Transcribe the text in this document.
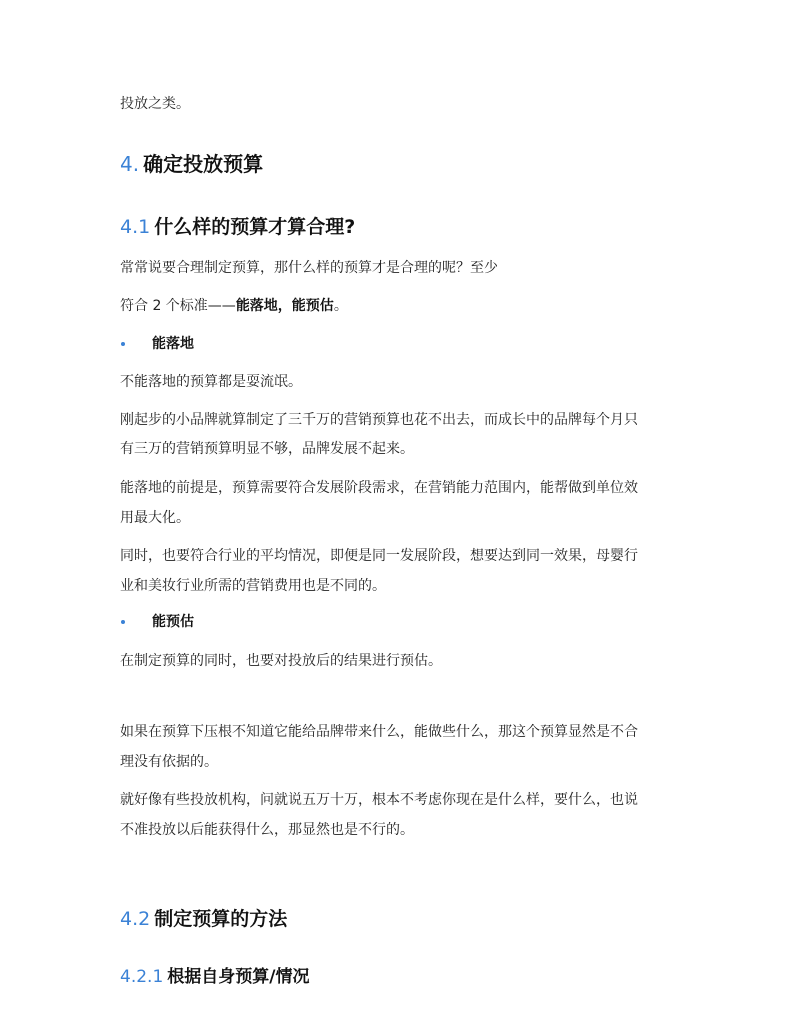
投放之类。
4. 确定投放预算
4.1 什么样的预算才算合理?
常常说要合理制定预算，那什么样的预算才是合理的呢？至少
符合 2 个标准——能落地，能预估。
能落地
不能落地的预算都是耍流氓。
刚起步的小品牌就算制定了三千万的营销预算也花不出去，而成长中的品牌每个月只
有三万的营销预算明显不够，品牌发展不起来。
能落地的前提是，预算需要符合发展阶段需求，在营销能力范围内，能帮做到单位效
用最大化。
同时，也要符合行业的平均情况，即便是同一发展阶段，想要达到同一效果，母婴行
业和美妆行业所需的营销费用也是不同的。
能预估
在制定预算的同时，也要对投放后的结果进行预估。
如果在预算下压根不知道它能给品牌带来什么，能做些什么，那这个预算显然是不合
理没有依据的。
就好像有些投放机构，问就说五万十万，根本不考虑你现在是什么样，要什么，也说
不准投放以后能获得什么，那显然也是不行的。
4.2 制定预算的方法
4.2.1 根据自身预算/情况
